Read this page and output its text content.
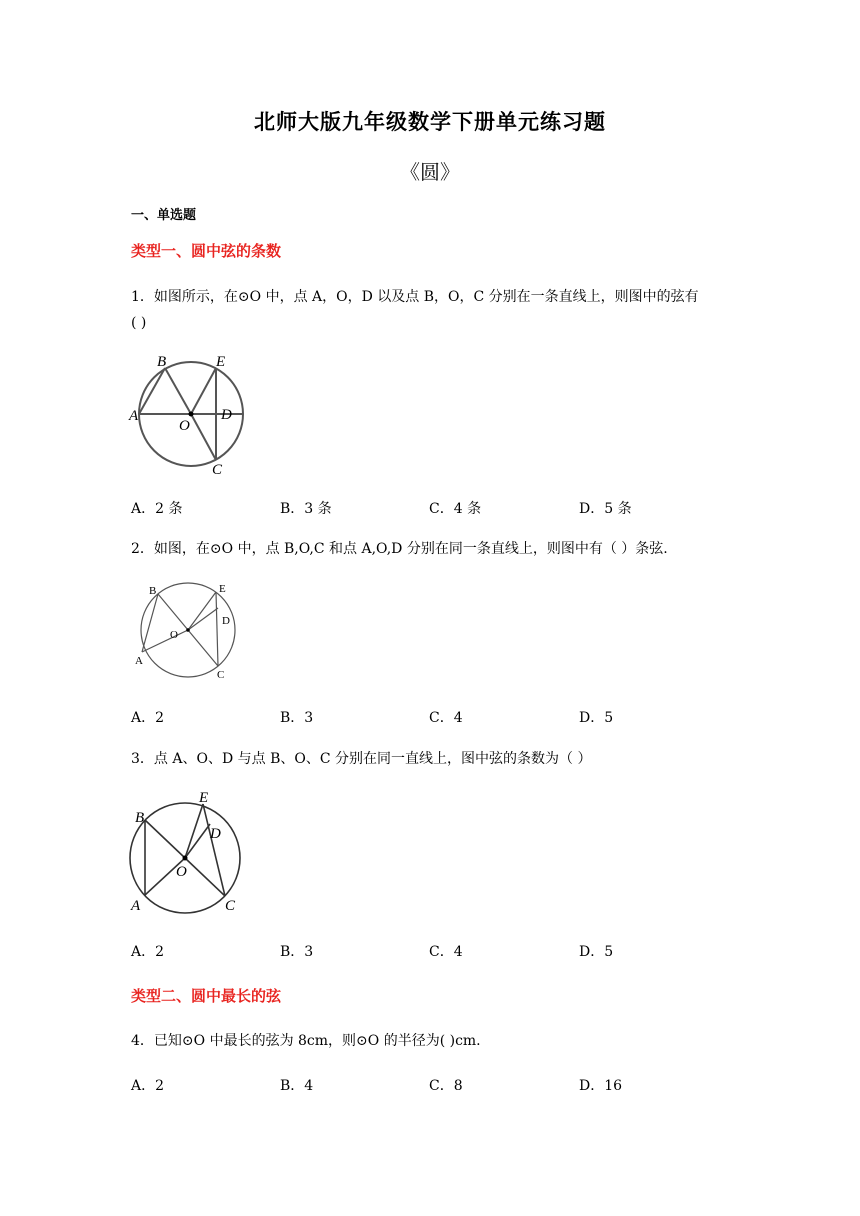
北师大版九年级数学下册单元练习题
《圆》
一、单选题
类型一、圆中弦的条数
1．如图所示，在⊙O 中，点 A，O，D 以及点 B，O，C 分别在一条直线上，则图中的弦有
( )
B	E
A
O
D
C
A．2 条	B．3 条	C．4 条	D．5 条
2．如图，在⊙O 中，点 B,O,C 和点 A,O,D 分别在同一条直线上，则图中有（ ）条弦.
B	E
D
O
A
C
A．2	B．3	C．4	D．5
3．点 A、O、D 与点 B、O、C 分别在同一直线上，图中弦的条数为（ ）
E
B
D
O
A	C
A．2	B．3	C．4	D．5
类型二、圆中最长的弦
4．已知⊙O 中最长的弦为 8cm，则⊙O 的半径为( )cm.
A．2	B．4	C．8	D．16
